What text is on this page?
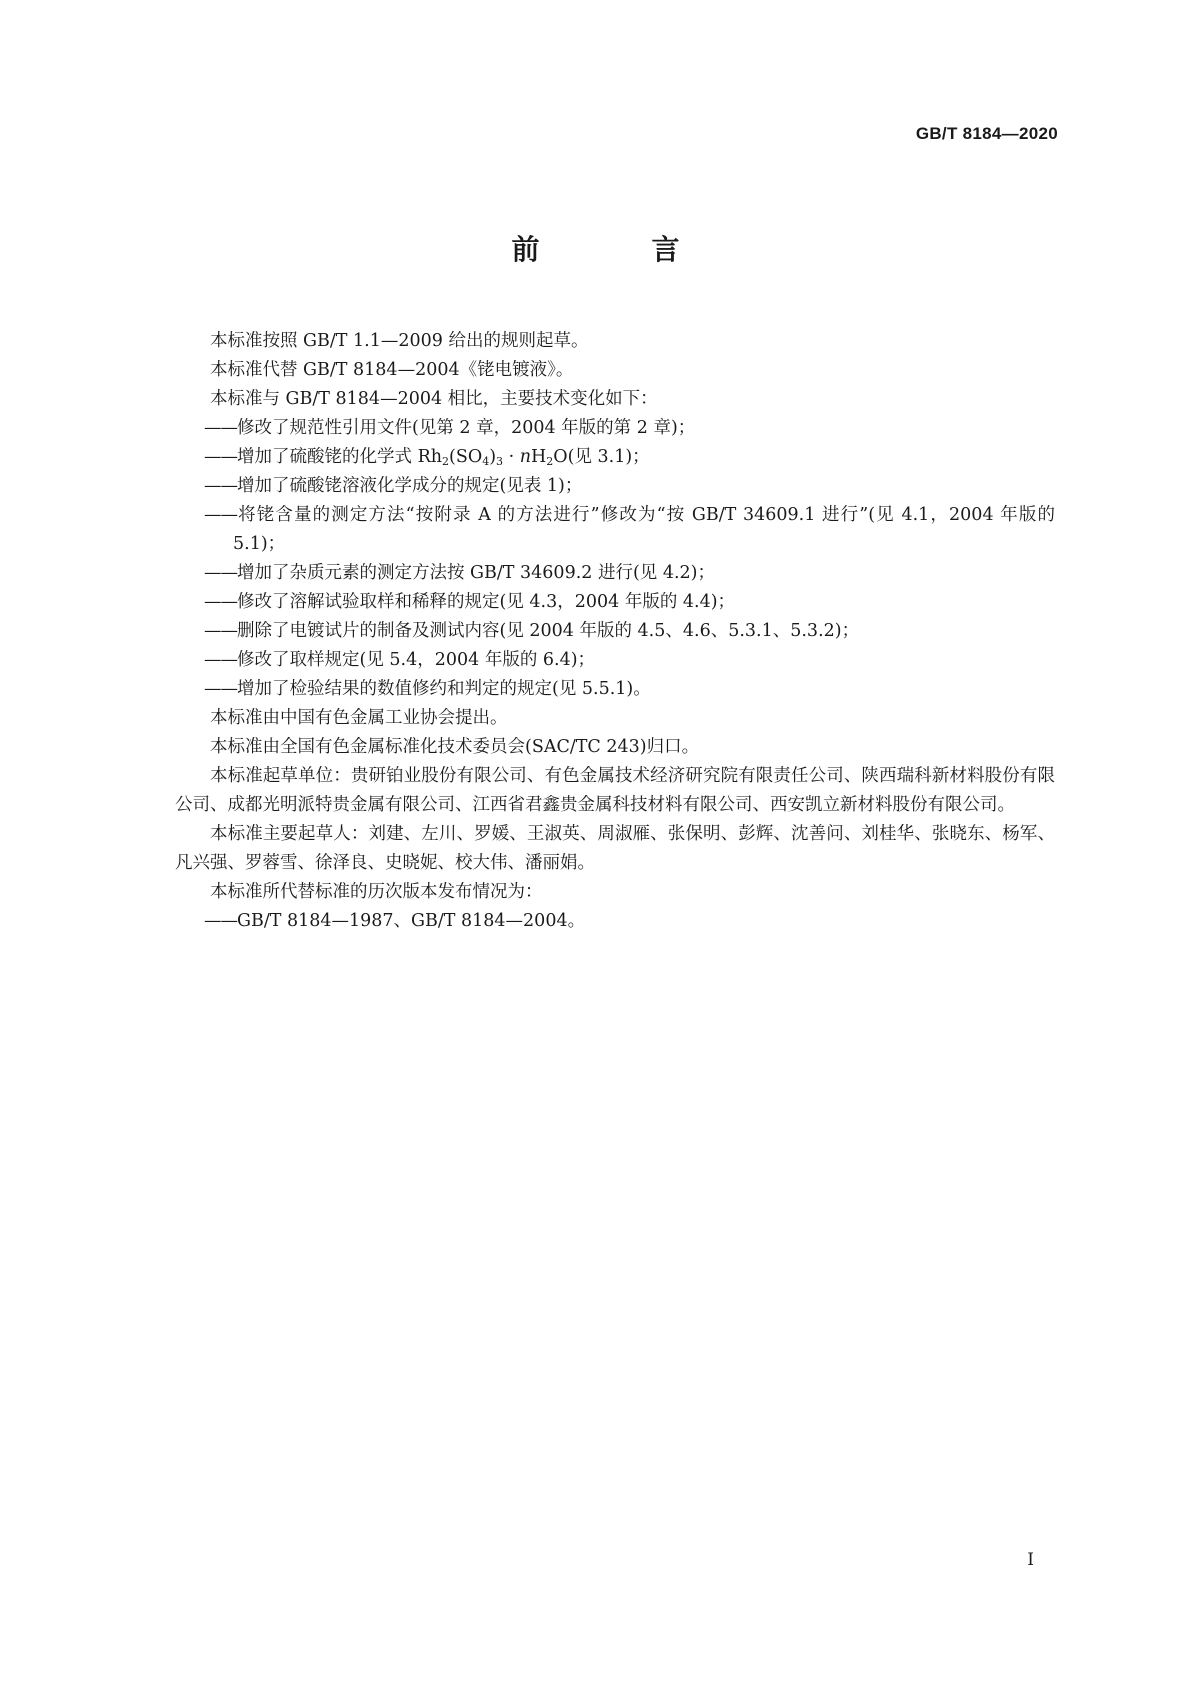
GB/T 8184—2020
前　言

本标准按照 GB/T 1.1—2009 给出的规则起草。

本标准代替 GB/T 8184—2004《铑电镀液》。

本标准与 GB/T 8184—2004 相比，主要技术变化如下：

——修改了规范性引用文件(见第 2 章，2004 年版的第 2 章)；

——增加了硫酸铑的化学式 $Rh_2(SO_4)_3 \cdot nH_2O$(见 3.1)；

——增加了硫酸铑溶液化学成分的规定(见表 1)；

——将铑含量的测定方法“按附录 A 的方法进行”修改为“按 GB/T 34609.1 进行”(见 4.1，2004 年版的 5.1)；

——增加了杂质元素的测定方法按 GB/T 34609.2 进行(见 4.2)；

——修改了溶解试验取样和稀释的规定(见 4.3，2004 年版的 4.4)；

——删除了电镀试片的制备及测试内容(见 2004 年版的 4.5、4.6、5.3.1、5.3.2)；

——修改了取样规定(见 5.4，2004 年版的 6.4)；

——增加了检验结果的数值修约和判定的规定(见 5.5.1)。

本标准由中国有色金属工业协会提出。

本标准由全国有色金属标准化技术委员会(SAC/TC 243)归口。

本标准起草单位：贵研铂业股份有限公司、有色金属技术经济研究院有限责任公司、陕西瑞科新材料股份有限公司、成都光明派特贵金属有限公司、江西省君鑫贵金属科技材料有限公司、西安凯立新材料股份有限公司。

本标准主要起草人：刘建、左川、罗媛、王淑英、周淑雁、张保明、彭辉、沈善问、刘桂华、张晓东、杨军、凡兴强、罗蓉雪、徐泽良、史晓妮、校大伟、潘丽娟。

本标准所代替标准的历次版本发布情况为：

——GB/T 8184—1987、GB/T 8184—2004。

I
